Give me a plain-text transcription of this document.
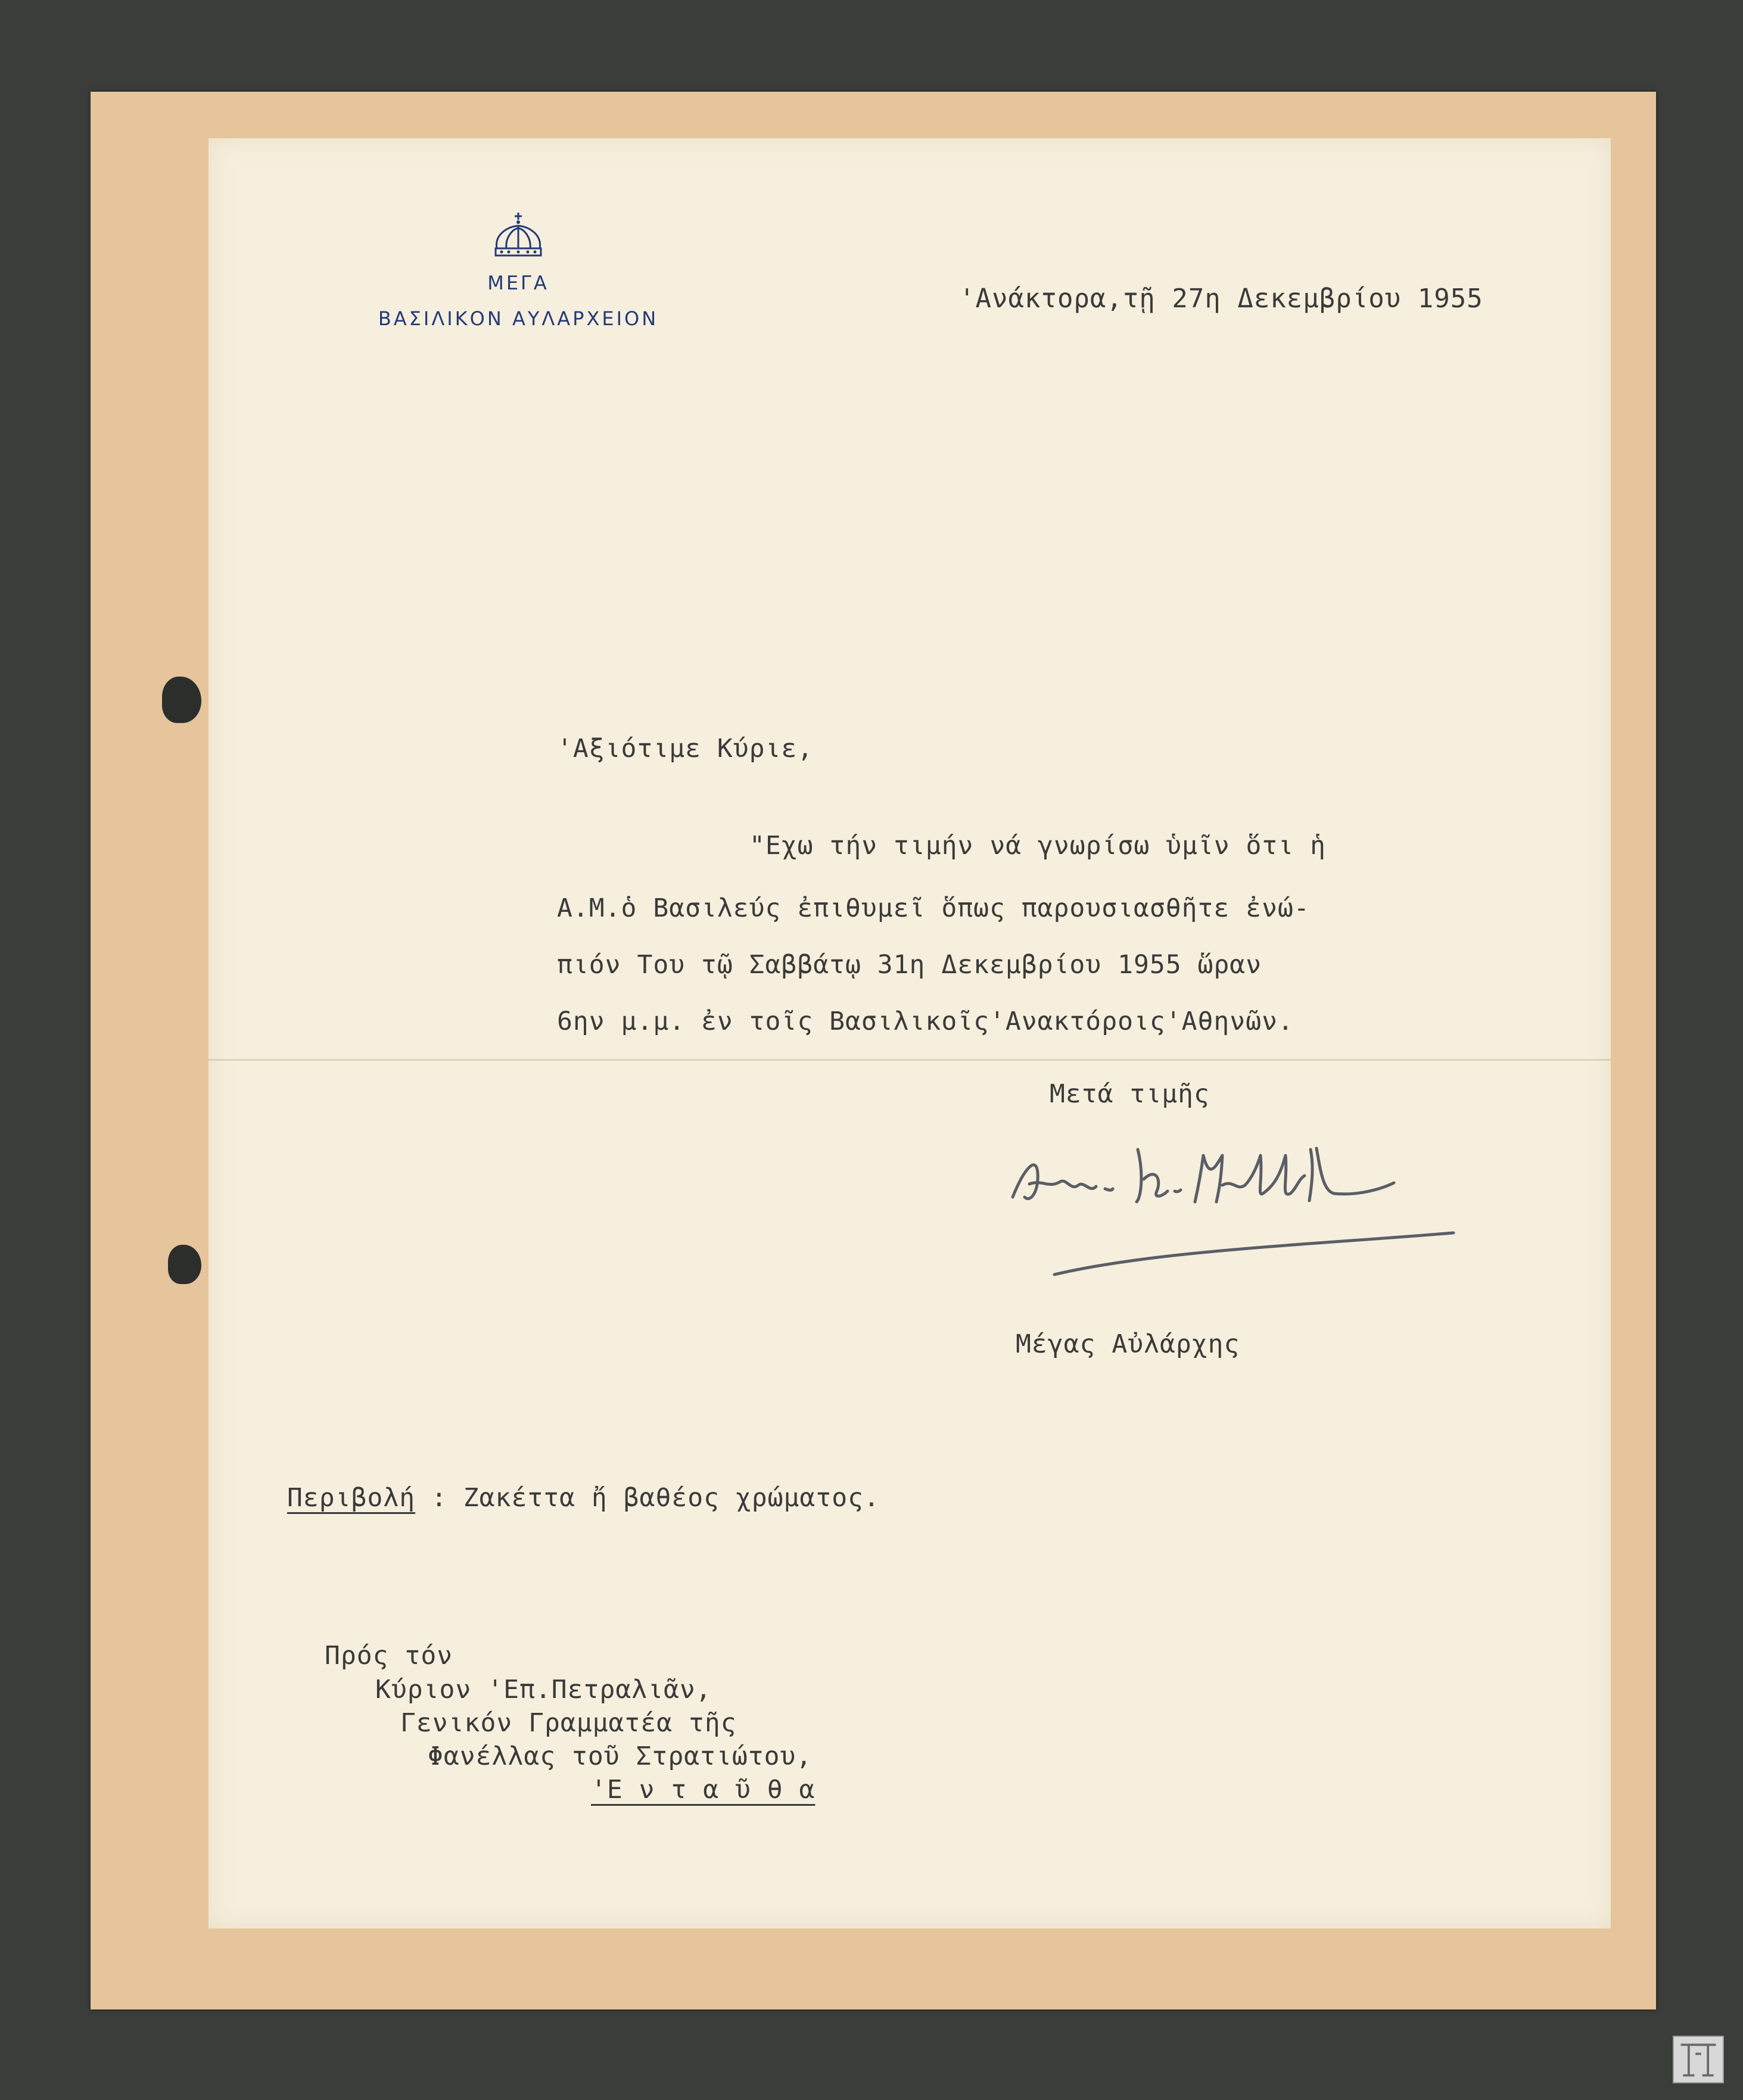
ΜΕΓΑ
ΒΑΣΙΛΙΚΟΝ ΑΥΛΑΡΧΕΙΟΝ
'Ανάκτορα,τῇ 27η Δεκεμβρίου 1955
'Αξιότιμε Κύριε,
"Εχω τήν τιμήν νά γνωρίσω ὑμῖν ὅτι ἡ
Α.Μ.ὁ Βασιλεύς ἐπιθυμεῖ ὅπως παρουσιασθῆτε ἐνώ-
πιόν Του τῷ Σαββάτῳ 31η Δεκεμβρίου 1955 ὥραν
6ην μ.μ. ἐν τοῖς Βασιλικοῖς'Ανακτόροις'Αθηνῶν.
Μετά τιμῆς
Μέγας Αὐλάρχης
Περιβολή : Ζακέττα ἤ βαθέος χρώματος.
Πρός τόν
Κύριον 'Επ.Πετραλιᾶν,
Γενικόν Γραμματέα τῆς
Φανέλλας τοῦ Στρατιώτου,
'Ε ν τ α ῦ θ α
